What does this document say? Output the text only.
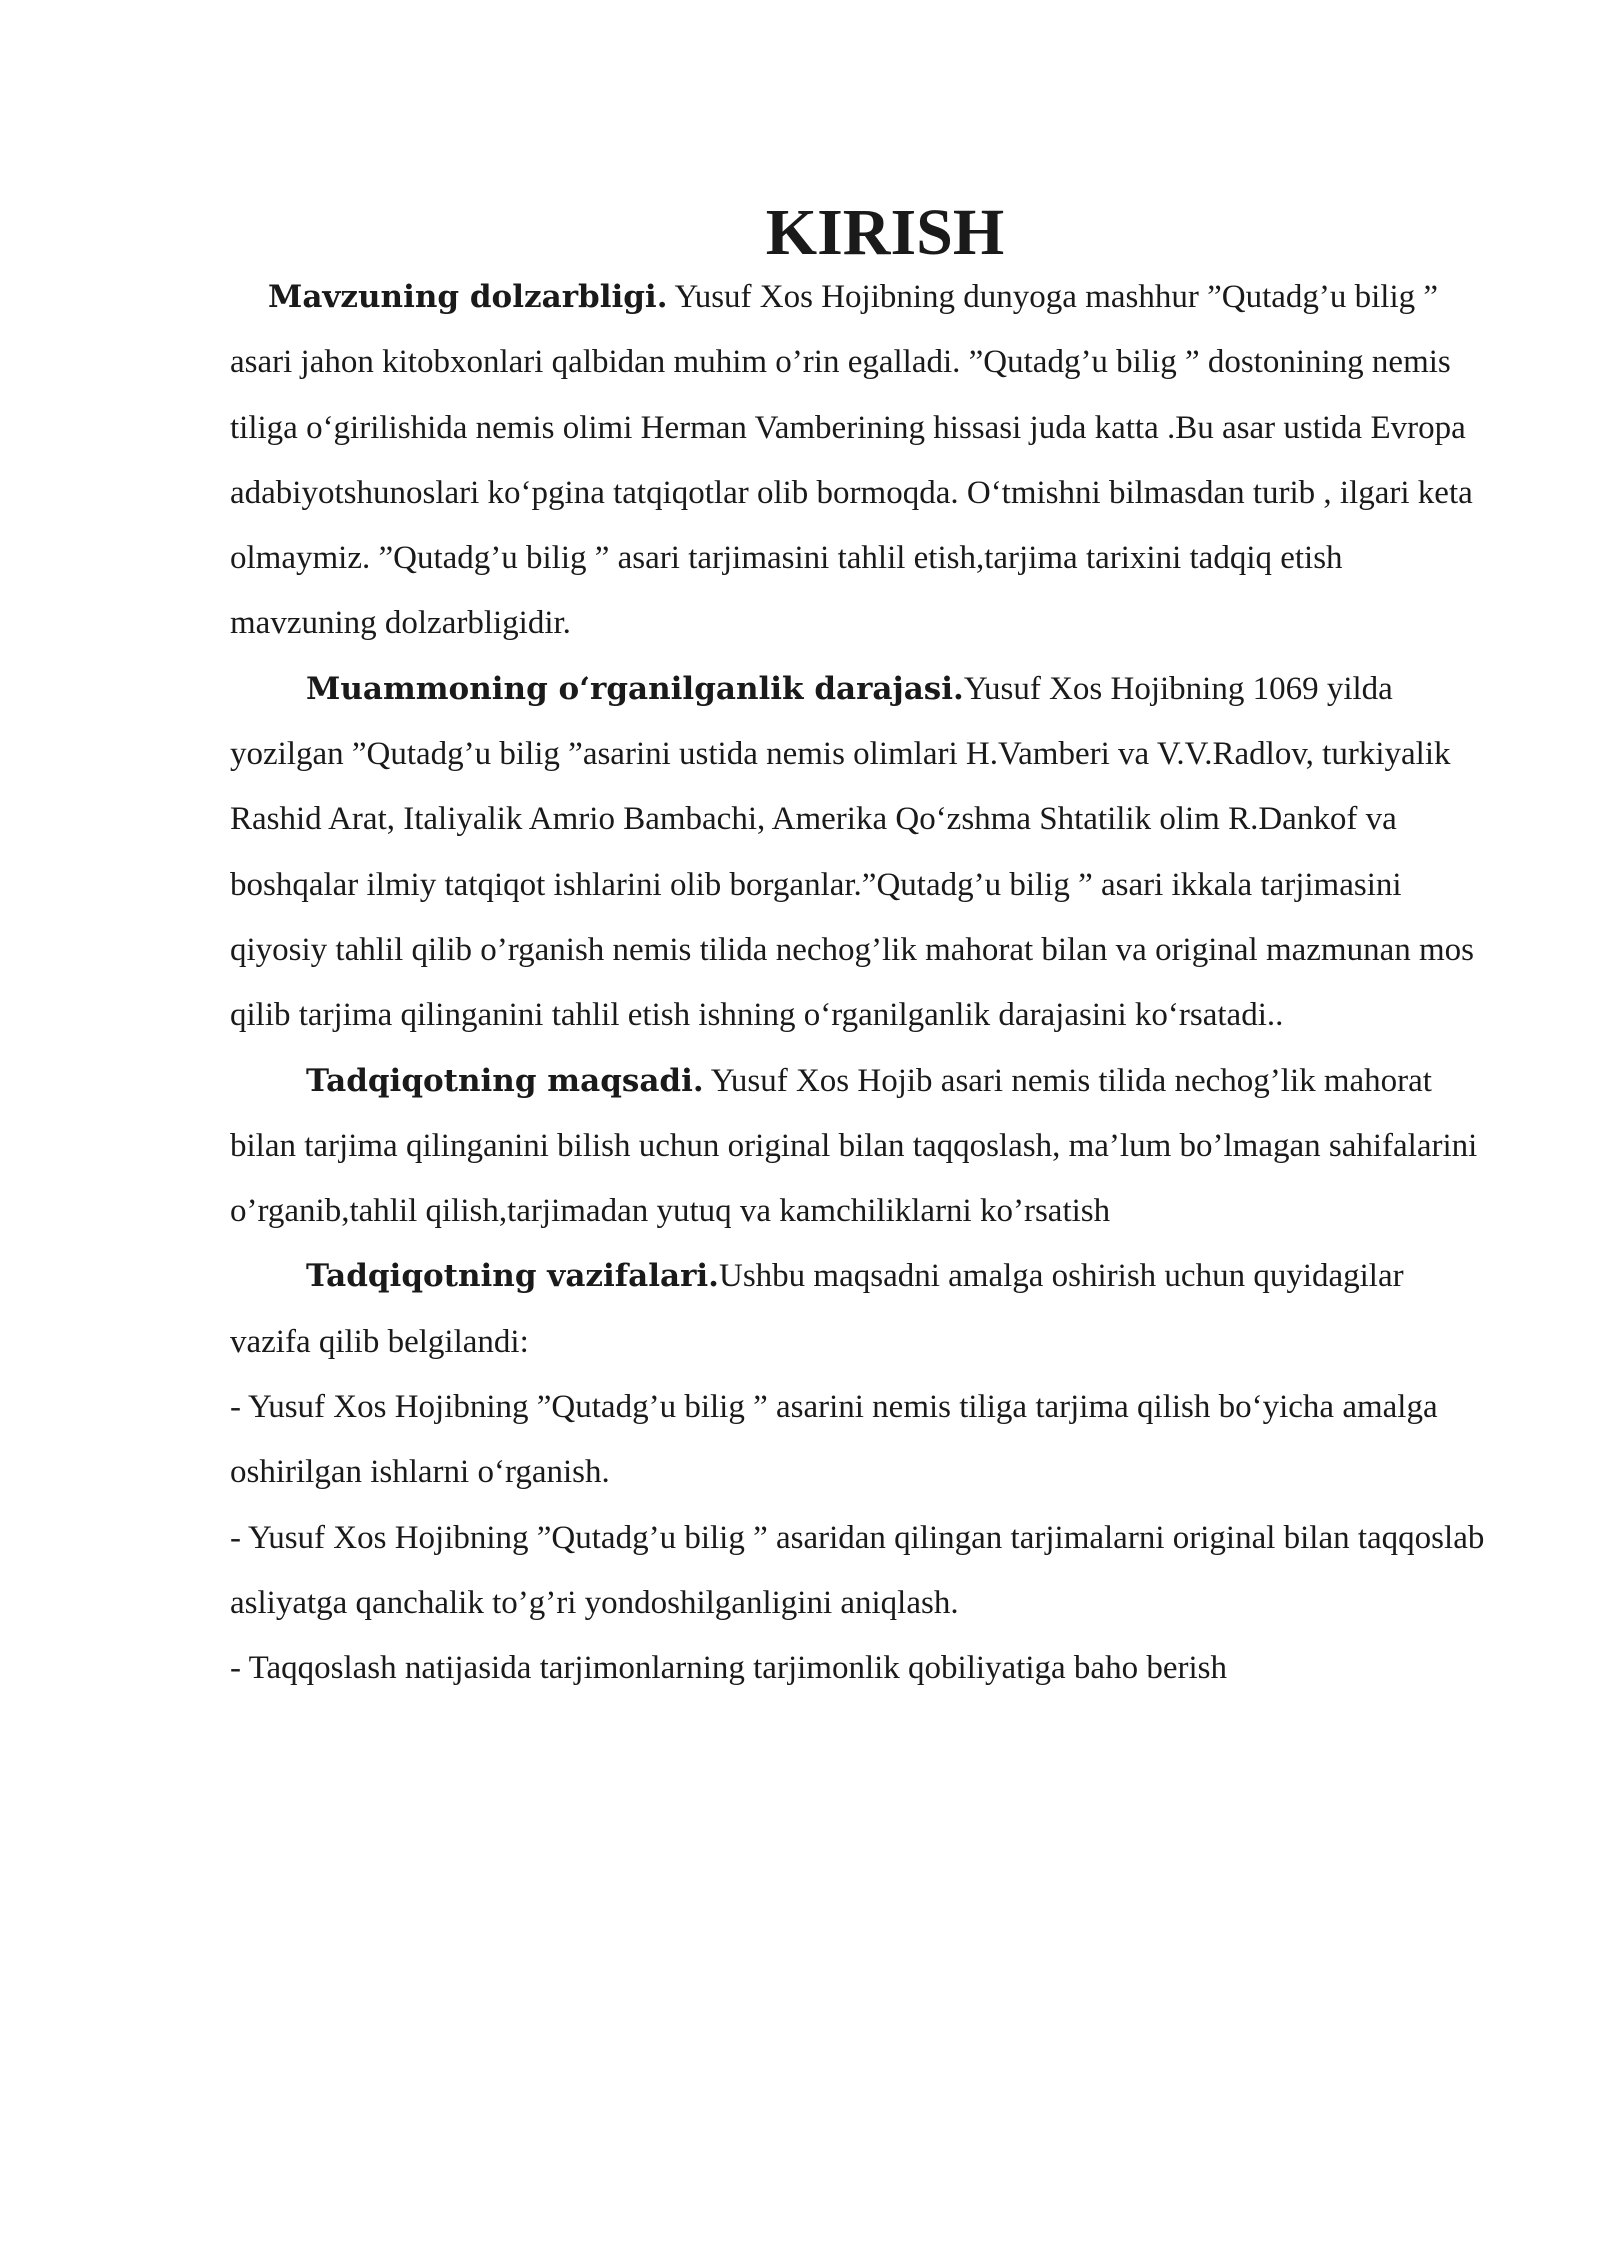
KIRISH

Mavzuning dolzarbligi. Yusuf Xos Hojibning dunyoga mashhur ”Qutadg’u bilig ” asari jahon kitobxonlari qalbidan muhim o’rin egalladi. ”Qutadg’u bilig ” dostonining nemis tiliga oʻgirilishida nemis olimi Herman Vamberining hissasi juda katta .Bu asar ustida Evropa adabiyotshunoslari koʻpgina tatqiqotlar olib bormoqda. Oʻtmishni bilmasdan turib , ilgari keta olmaymiz. ”Qutadg’u bilig ” asari tarjimasini tahlil etish,tarjima tarixini tadqiq etish mavzuning dolzarbligidir.

Muammoning oʻrganilganlik darajasi.Yusuf Xos Hojibning 1069 yilda yozilgan ”Qutadg’u bilig ”asarini ustida nemis olimlari H.Vamberi va V.V.Radlov, turkiyalik Rashid Arat, Italiyalik Amrio Bambachi, Amerika Qoʻzshma Shtatilik olim R.Dankof va boshqalar ilmiy tatqiqot ishlarini olib borganlar.”Qutadg’u bilig ” asari ikkala tarjimasini qiyosiy tahlil qilib o’rganish nemis tilida nechog’lik mahorat bilan va original mazmunan mos qilib tarjima qilinganini tahlil etish ishning oʻrganilganlik darajasini koʻrsatadi..

Tadqiqotning maqsadi. Yusuf Xos Hojib asari nemis tilida nechog’lik mahorat bilan tarjima qilinganini bilish uchun original bilan taqqoslash, ma’lum bo’lmagan sahifalarini o’rganib,tahlil qilish,tarjimadan yutuq va kamchiliklarni ko’rsatish

Tadqiqotning vazifalari.Ushbu maqsadni amalga oshirish uchun quyidagilar vazifa qilib belgilandi:

- Yusuf Xos Hojibning ”Qutadg’u bilig ” asarini nemis tiliga tarjima qilish boʻyicha amalga oshirilgan ishlarni oʻrganish.

- Yusuf Xos Hojibning ”Qutadg’u bilig ” asaridan qilingan tarjimalarni original bilan taqqoslab asliyatga qanchalik to’g’ri yondoshilganligini aniqlash.

- Taqqoslash natijasida tarjimonlarning tarjimonlik qobiliyatiga baho berish
